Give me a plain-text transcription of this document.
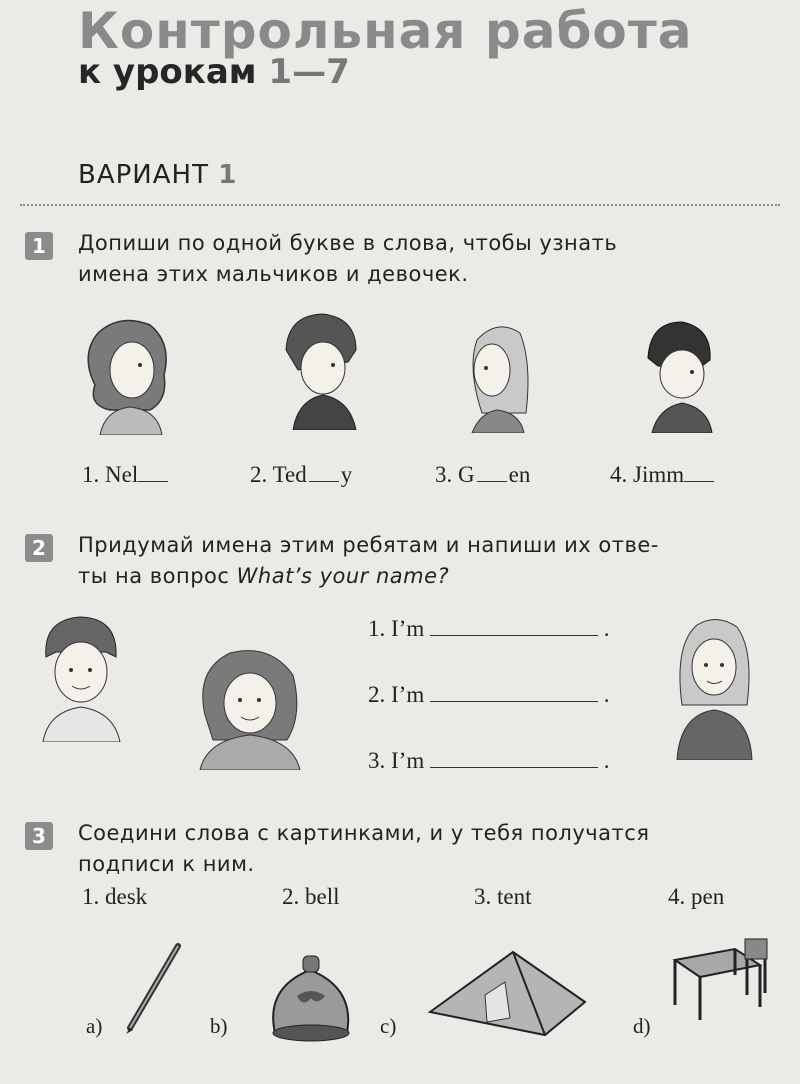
Контрольная работа
к урокам 1—7
ВАРИАНТ 1
1	Допиши по одной букве в слова, чтобы узнать
имена этих мальчиков и девочек.
1. Nel	2. Ted y	3. G en	4. Jimm
2	Придумай имена этим ребятам и напиши их отве-
ты на вопрос What’s your name?
1. I’m	.
2. I’m	.
3. I’m	.
3	Соедини слова с картинками, и у тебя получатся
подписи к ним.
1. desk	2. bell	3. tent	4. pen
a)	b)	c)	d)
